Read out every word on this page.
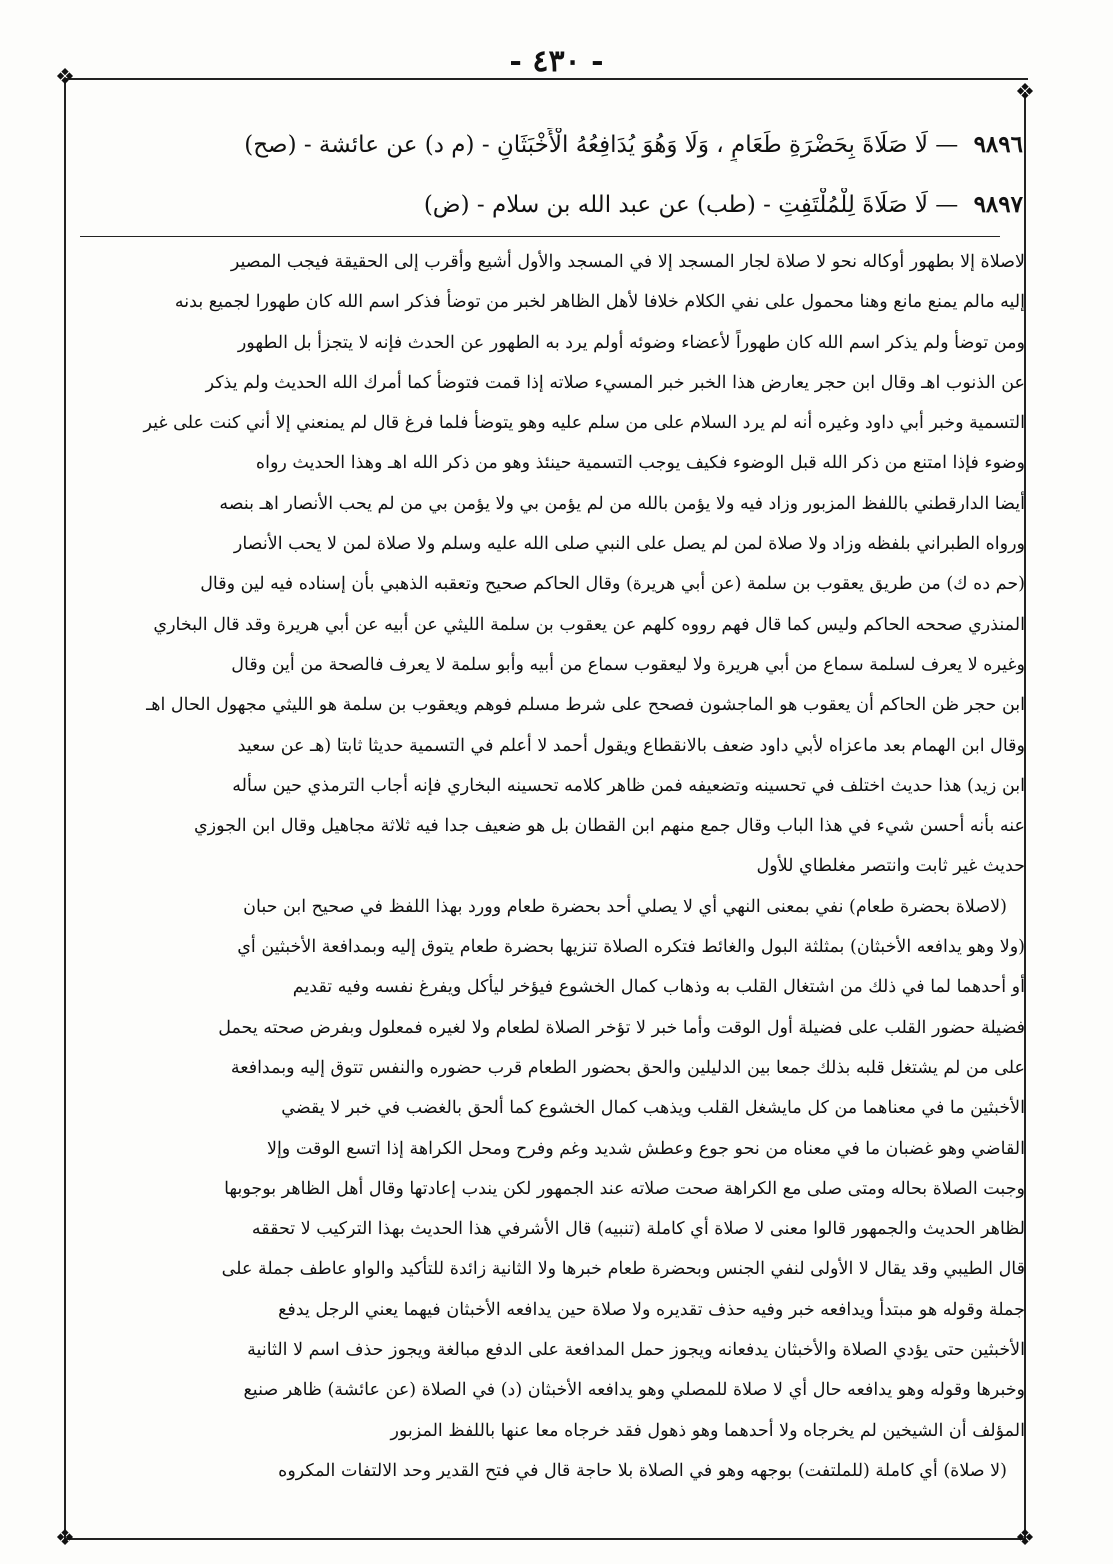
❖
❖
❖	❖
- ٤٣٠ -
٩٨٩٦ — لَا صَلَاةَ بِحَضْرَةِ طَعَامٍ ، وَلَا وَهُوَ يُدَافِعُهُ الْأَخْبَثَانِ - (م د) عن عائشة - (صح)
٩٨٩٧ — لَا صَلَاةَ لِلْمُلْتَفِتِ - (طب) عن عبد الله بن سلام - (ض)
لاصلاة إلا بطهور أوكاله نحو لا صلاة لجار المسجد إلا في المسجد والأول أشيع وأقرب إلى الحقيقة فيجب المصير
إليه مالم يمنع مانع وهنا محمول على نفي الكلام خلافا لأهل الظاهر لخبر من توضأ فذكر اسم الله كان طهورا لجميع بدنه
ومن توضأ ولم يذكر اسم الله كان طهوراً لأعضاء وضوئه أولم يرد به الطهور عن الحدث فإنه لا يتجزأ بل الطهور
عن الذنوب اهـ وقال ابن حجر يعارض هذا الخبر خبر المسيء صلاته إذا قمت فتوضأ كما أمرك الله الحديث ولم يذكر
التسمية وخبر أبي داود وغيره أنه لم يرد السلام على من سلم عليه وهو يتوضأ فلما فرغ قال لم يمنعني إلا أني كنت على غير
وضوء فإذا امتنع من ذكر الله قبل الوضوء فكيف يوجب التسمية حينئذ وهو من ذكر الله اهـ وهذا الحديث رواه
أيضا الدارقطني باللفظ المزبور وزاد فيه ولا يؤمن بالله من لم يؤمن بي ولا يؤمن بي من لم يحب الأنصار اهـ بنصه
ورواه الطبراني بلفظه وزاد ولا صلاة لمن لم يصل على النبي صلى الله عليه وسلم ولا صلاة لمن لا يحب الأنصار
(حم ده ك) من طريق يعقوب بن سلمة (عن أبي هريرة) وقال الحاكم صحيح وتعقبه الذهبي بأن إسناده فيه لين وقال
المنذري صححه الحاكم وليس كما قال فهم رووه كلهم عن يعقوب بن سلمة الليثي عن أبيه عن أبي هريرة وقد قال البخاري
وغيره لا يعرف لسلمة سماع من أبي هريرة ولا ليعقوب سماع من أبيه وأبو سلمة لا يعرف فالصحة من أين وقال
ابن حجر ظن الحاكم أن يعقوب هو الماجشون فصحح على شرط مسلم فوهم ويعقوب بن سلمة هو الليثي مجهول الحال اهـ
وقال ابن الهمام بعد ماعزاه لأبي داود ضعف بالانقطاع ويقول أحمد لا أعلم في التسمية حديثا ثابتا (هـ عن سعيد
ابن زيد) هذا حديث اختلف في تحسينه وتضعيفه فمن ظاهر كلامه تحسينه البخاري فإنه أجاب الترمذي حين سأله
عنه بأنه أحسن شيء في هذا الباب وقال جمع منهم ابن القطان بل هو ضعيف جدا فيه ثلاثة مجاهيل وقال ابن الجوزي
حديث غير ثابت وانتصر مغلطاي للأول
(لاصلاة بحضرة طعام) نفي بمعنى النهي أي لا يصلي أحد بحضرة طعام وورد بهذا اللفظ في صحيح ابن حبان
(ولا وهو يدافعه الأخبثان) بمثلثة البول والغائط فتكره الصلاة تنزيها بحضرة طعام يتوق إليه وبمدافعة الأخبثين أي
أو أحدهما لما في ذلك من اشتغال القلب به وذهاب كمال الخشوع فيؤخر ليأكل ويفرغ نفسه وفيه تقديم
فضيلة حضور القلب على فضيلة أول الوقت وأما خبر لا تؤخر الصلاة لطعام ولا لغيره فمعلول وبفرض صحته يحمل
على من لم يشتغل قلبه بذلك جمعا بين الدليلين والحق بحضور الطعام قرب حضوره والنفس تتوق إليه وبمدافعة
الأخبثين ما في معناهما من كل مايشغل القلب ويذهب كمال الخشوع كما ألحق بالغضب في خبر لا يقضي
القاضي وهو غضبان ما في معناه من نحو جوع وعطش شديد وغم وفرح ومحل الكراهة إذا اتسع الوقت وإلا
وجبت الصلاة بحاله ومتى صلى مع الكراهة صحت صلاته عند الجمهور لكن يندب إعادتها وقال أهل الظاهر بوجوبها
لظاهر الحديث والجمهور قالوا معنى لا صلاة أي كاملة (تنبيه) قال الأشرفي هذا الحديث بهذا التركيب لا تحققه
قال الطيبي وقد يقال لا الأولى لنفي الجنس وبحضرة طعام خبرها ولا الثانية زائدة للتأكيد والواو عاطف جملة على
جملة وقوله هو مبتدأ ويدافعه خبر وفيه حذف تقديره ولا صلاة حين يدافعه الأخبثان فيهما يعني الرجل يدفع
الأخبثين حتى يؤدي الصلاة والأخبثان يدفعانه ويجوز حمل المدافعة على الدفع مبالغة ويجوز حذف اسم لا الثانية
وخبرها وقوله وهو يدافعه حال أي لا صلاة للمصلي وهو يدافعه الأخبثان (د) في الصلاة (عن عائشة) ظاهر صنيع
المؤلف أن الشيخين لم يخرجاه ولا أحدهما وهو ذهول فقد خرجاه معا عنها باللفظ المزبور
(لا صلاة) أي كاملة (للملتفت) بوجهه وهو في الصلاة بلا حاجة قال في فتح القدير وحد الالتفات المكروه
